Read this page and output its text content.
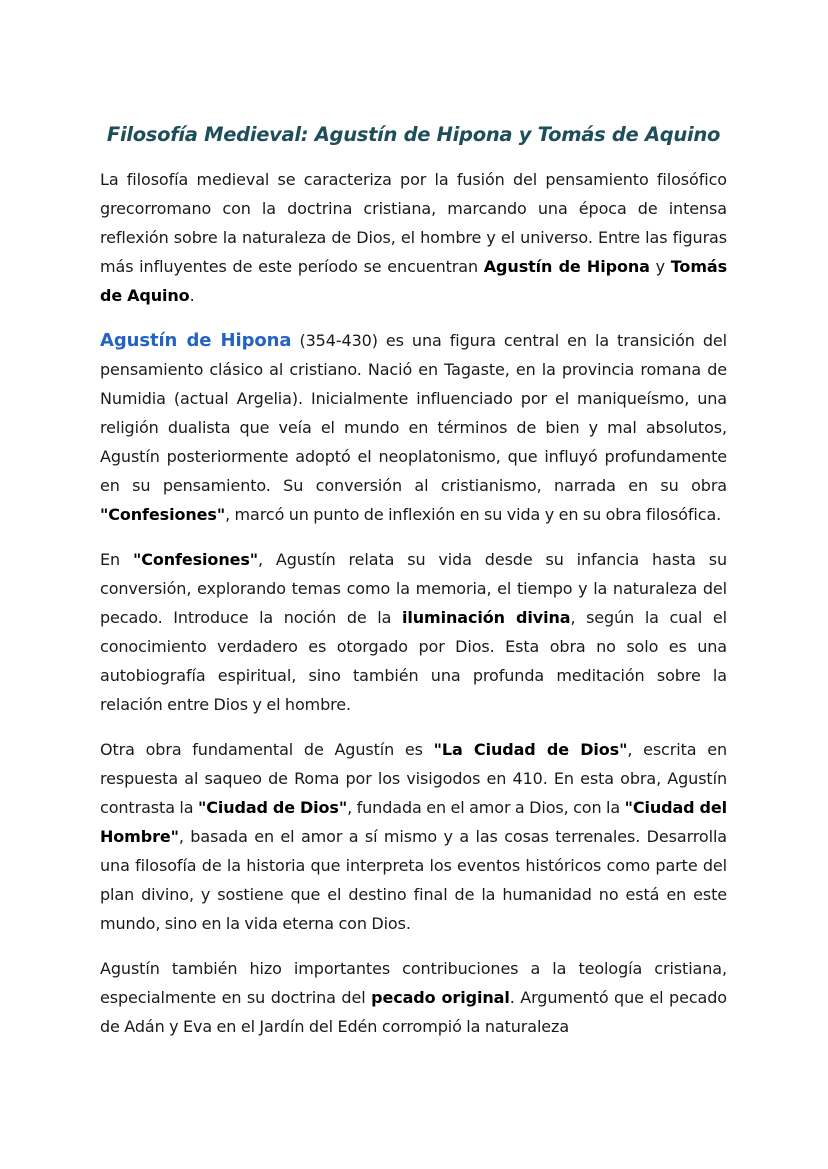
Filosofía Medieval: Agustín de Hipona y Tomás de Aquino

La filosofía medieval se caracteriza por la fusión del pensamiento filosófico grecorromano con la doctrina cristiana, marcando una época de intensa reflexión sobre la naturaleza de Dios, el hombre y el universo. Entre las figuras más influyentes de este período se encuentran Agustín de Hipona y Tomás de Aquino.

Agustín de Hipona (354-430) es una figura central en la transición del pensamiento clásico al cristiano. Nació en Tagaste, en la provincia romana de Numidia (actual Argelia). Inicialmente influenciado por el maniqueísmo, una religión dualista que veía el mundo en términos de bien y mal absolutos, Agustín posteriormente adoptó el neoplatonismo, que influyó profundamente en su pensamiento. Su conversión al cristianismo, narrada en su obra "Confesiones", marcó un punto de inflexión en su vida y en su obra filosófica.

En "Confesiones", Agustín relata su vida desde su infancia hasta su conversión, explorando temas como la memoria, el tiempo y la naturaleza del pecado. Introduce la noción de la iluminación divina, según la cual el conocimiento verdadero es otorgado por Dios. Esta obra no solo es una autobiografía espiritual, sino también una profunda meditación sobre la relación entre Dios y el hombre.

Otra obra fundamental de Agustín es "La Ciudad de Dios", escrita en respuesta al saqueo de Roma por los visigodos en 410. En esta obra, Agustín contrasta la "Ciudad de Dios", fundada en el amor a Dios, con la "Ciudad del Hombre", basada en el amor a sí mismo y a las cosas terrenales. Desarrolla una filosofía de la historia que interpreta los eventos históricos como parte del plan divino, y sostiene que el destino final de la humanidad no está en este mundo, sino en la vida eterna con Dios.

Agustín también hizo importantes contribuciones a la teología cristiana, especialmente en su doctrina del pecado original. Argumentó que el pecado de Adán y Eva en el Jardín del Edén corrompió la naturaleza
